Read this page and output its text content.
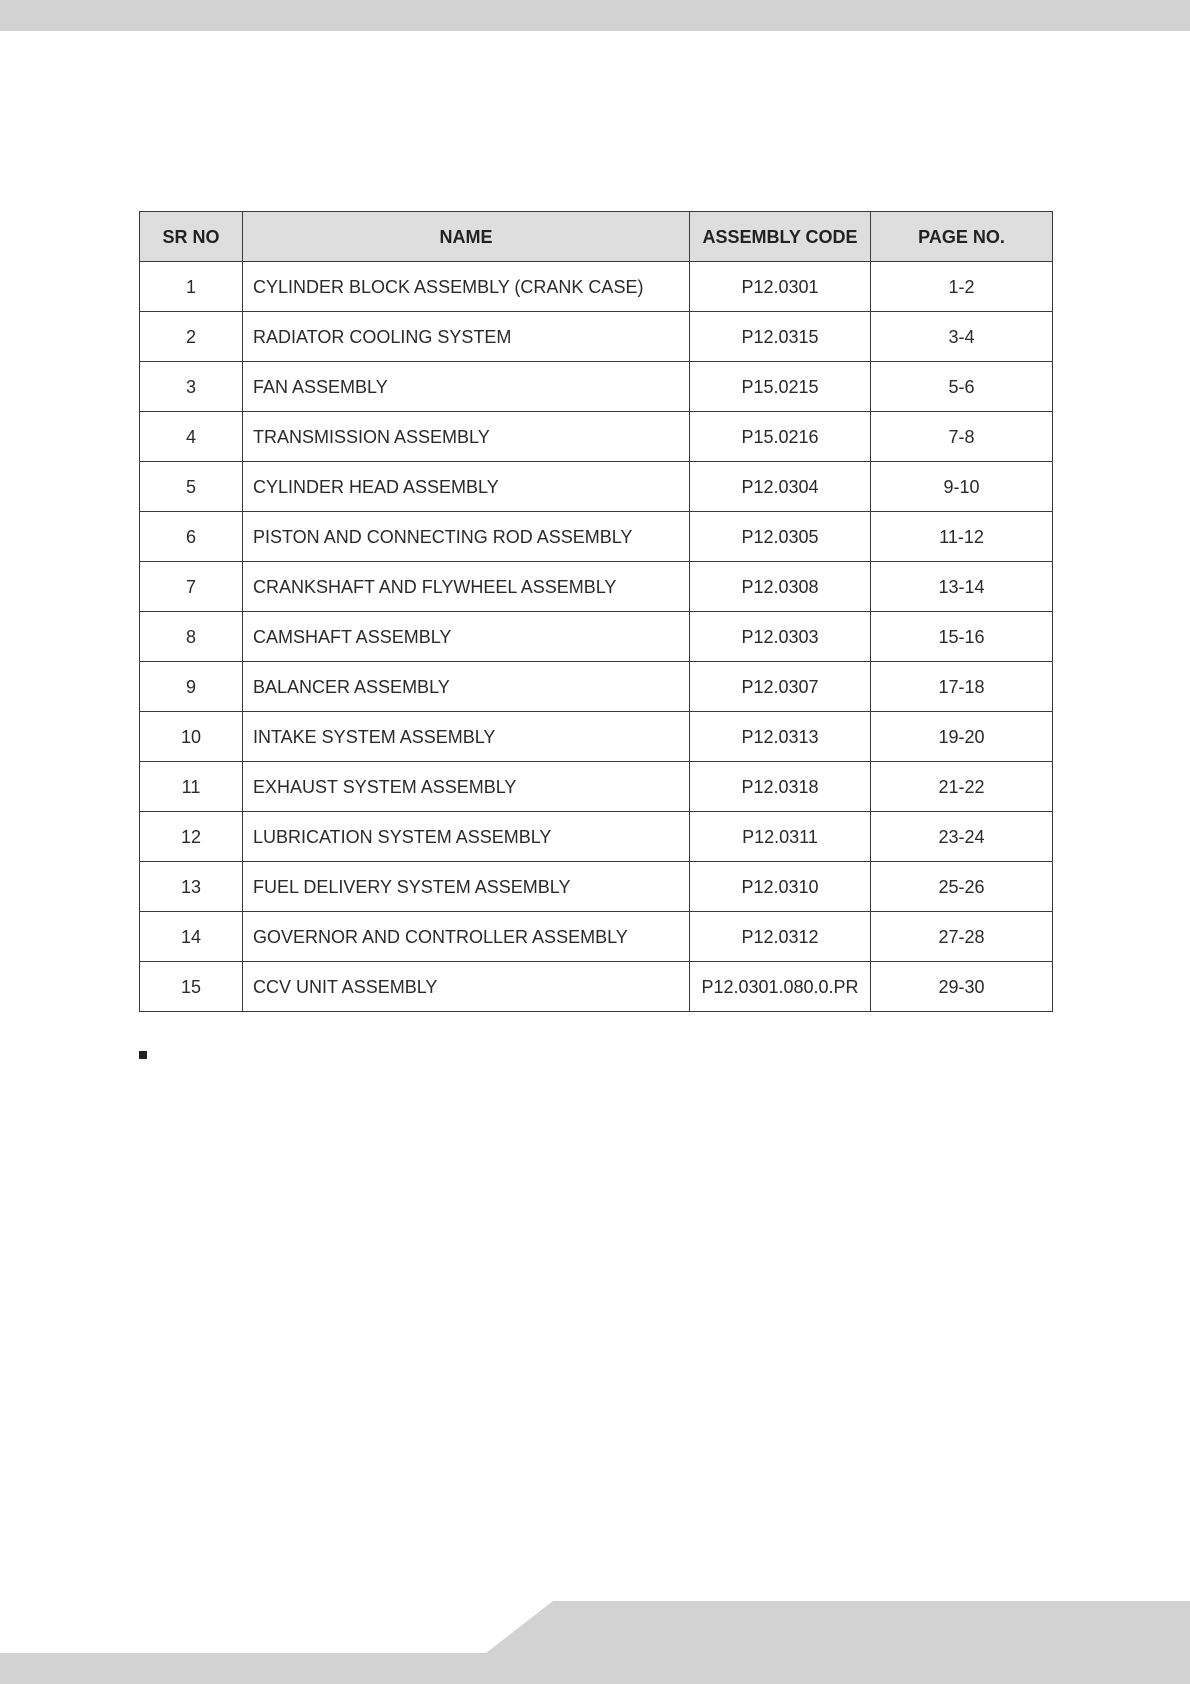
SR NO	NAME	ASSEMBLY CODE	PAGE NO.
1	CYLINDER BLOCK ASSEMBLY (CRANK CASE)	P12.0301	1-2
2	RADIATOR COOLING SYSTEM	P12.0315	3-4
3	FAN ASSEMBLY	P15.0215	5-6
4	TRANSMISSION ASSEMBLY	P15.0216	7-8
5	CYLINDER HEAD ASSEMBLY	P12.0304	9-10
6	PISTON AND CONNECTING ROD ASSEMBLY	P12.0305	11-12
7	CRANKSHAFT AND FLYWHEEL ASSEMBLY	P12.0308	13-14
8	CAMSHAFT ASSEMBLY	P12.0303	15-16
9	BALANCER ASSEMBLY	P12.0307	17-18
10	INTAKE SYSTEM ASSEMBLY	P12.0313	19-20
11	EXHAUST SYSTEM ASSEMBLY	P12.0318	21-22
12	LUBRICATION SYSTEM ASSEMBLY	P12.0311	23-24
13	FUEL DELIVERY SYSTEM ASSEMBLY	P12.0310	25-26
14	GOVERNOR AND CONTROLLER ASSEMBLY	P12.0312	27-28
15	CCV UNIT ASSEMBLY	P12.0301.080.0.PR	29-30
